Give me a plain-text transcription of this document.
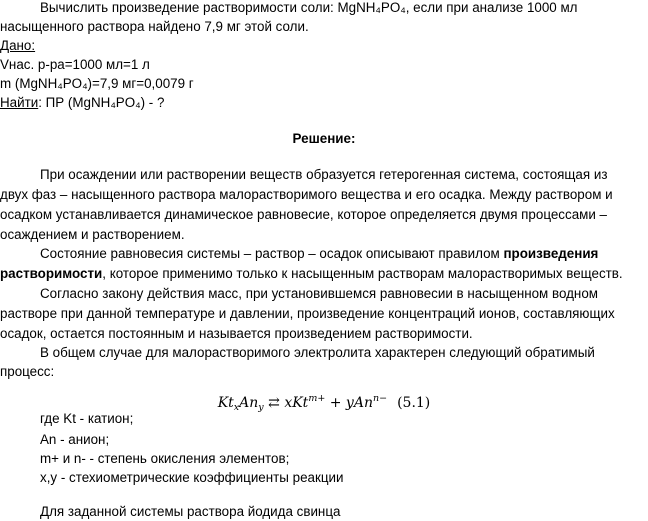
Вычислить произведение растворимости соли: MgNH₄PO₄, если при анализе 1000 мл
насыщенного раствора найдено 7,9 мг этой соли.
Дано:
Vнас. р-ра=1000 мл=1 л
m (MgNH₄PO₄)=7,9 мг=0,0079 г
Найти: ПР (MgNH₄PO₄) - ?
Решение:
При осаждении или растворении веществ образуется гетерогенная система, состоящая из
двух фаз – насыщенного раствора малорастворимого вещества и его осадка. Между раствором и
осадком устанавливается динамическое равновесие, которое определяется двумя процессами –
осаждением и растворением.
Состояние равновесия системы – раствор – осадок описывают правилом произведения
растворимости, которое применимо только к насыщенным растворам малорастворимых веществ.
Согласно закону действия масс, при установившемся равновесии в насыщенном водном
растворе при данной температуре и давлении, произведение концентраций ионов, составляющих
осадок, остается постоянным и называется произведением растворимости.
В общем случае для малорастворимого электролита характерен следующий обратимый
процесс:
$Kt_xAn_y$ ⇄ xKt$^{m+}$ + yAn$^{n-}$ (5.1)
где Kt - катион;
An - анион;
m+ и n- - степень окисления элементов;
x,y - стехиометрические коэффициенты реакции
Для заданной системы раствора йодида свинца
